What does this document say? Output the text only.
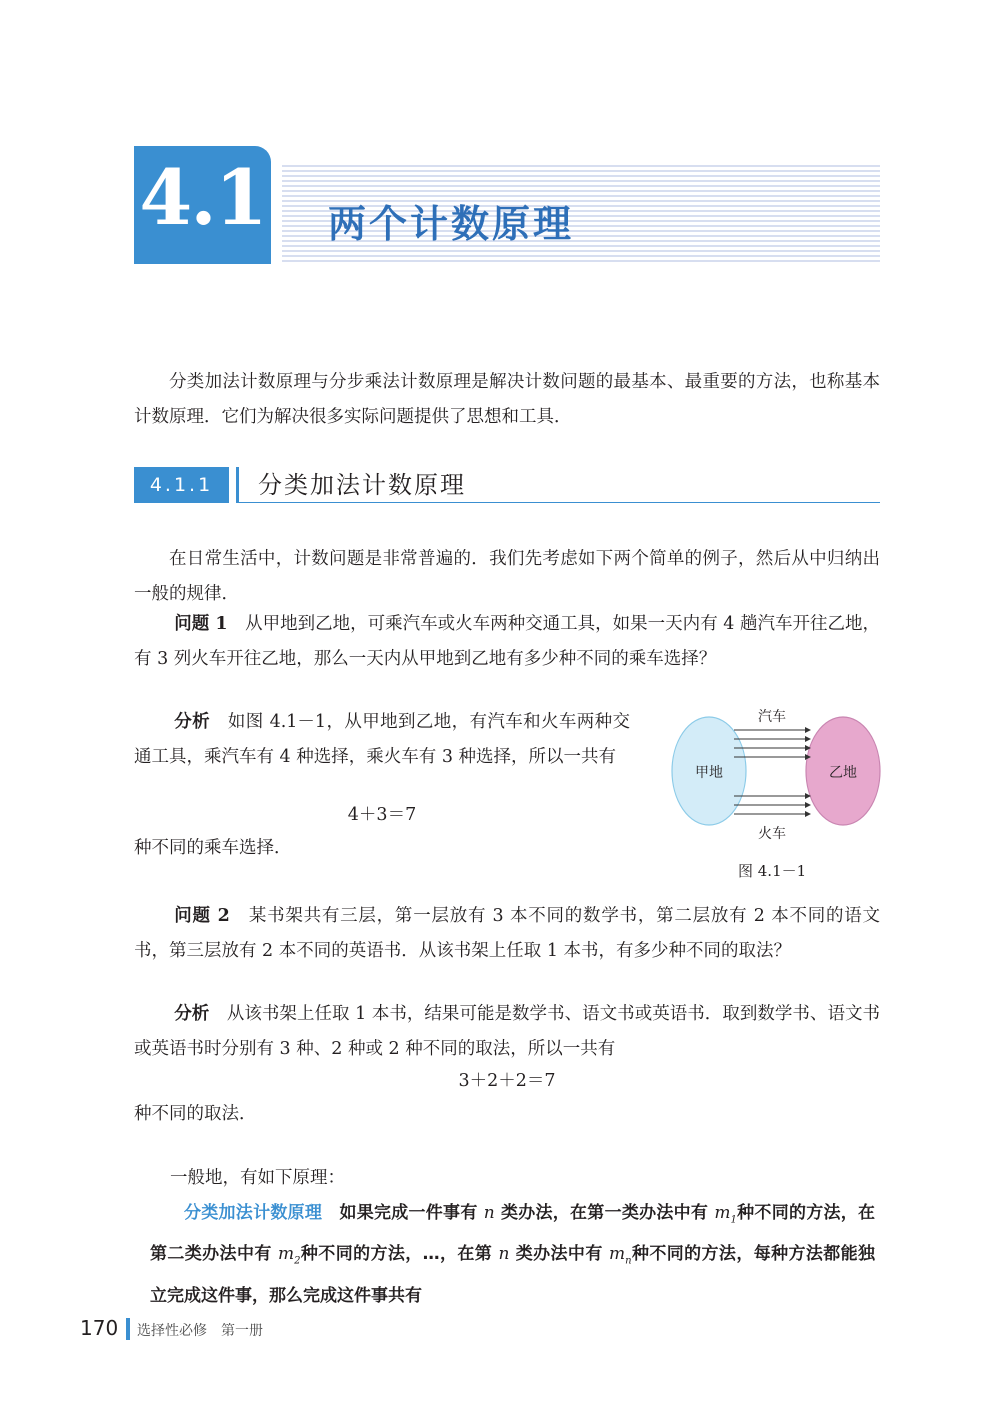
4.1 两个计数原理

分类加法计数原理与分步乘法计数原理是解决计数问题的最基本、最重要的方法，也称基本计数原理．它们为解决很多实际问题提供了思想和工具．

4.1.1	分类加法计数原理

在日常生活中，计数问题是非常普遍的．我们先考虑如下两个简单的例子，然后从中归纳出一般的规律．

问题 1　 从甲地到乙地，可乘汽车或火车两种交通工具，如果一天内有 4 趟汽车开往乙地，有 3 列火车开往乙地，那么一天内从甲地到乙地有多少种不同的乘车选择？

分析　 如图 4.1－1，从甲地到乙地，有汽车和火车两种交通工具，乘汽车有 4 种选择，乘火车有 3 种选择，所以一共有

4＋3＝7
种不同的乘车选择．
甲地	乙地
汽车
火车
图 4.1－1

问题 2　 某书架共有三层，第一层放有 3 本不同的数学书，第二层放有 2 本不同的语文书，第三层放有 2 本不同的英语书．从该书架上任取 1 本书，有多少种不同的取法？

分析　 从该书架上任取 1 本书，结果可能是数学书、语文书或英语书．取到数学书、语文书或英语书时分别有 3 种、2 种或 2 种不同的取法，所以一共有

3＋2＋2＝7
种不同的取法．
一般地，有如下原理：

分类加法计数原理　 如果完成一件事有 n 类办法，在第一类办法中有 $m_1$种不同的方法，在第二类办法中有 $m_2$种不同的方法，…，在第 n 类办法中有 $m_n$种不同的方法，每种方法都能独立完成这件事，那么完成这件事共有

170 选择性必修　第一册
